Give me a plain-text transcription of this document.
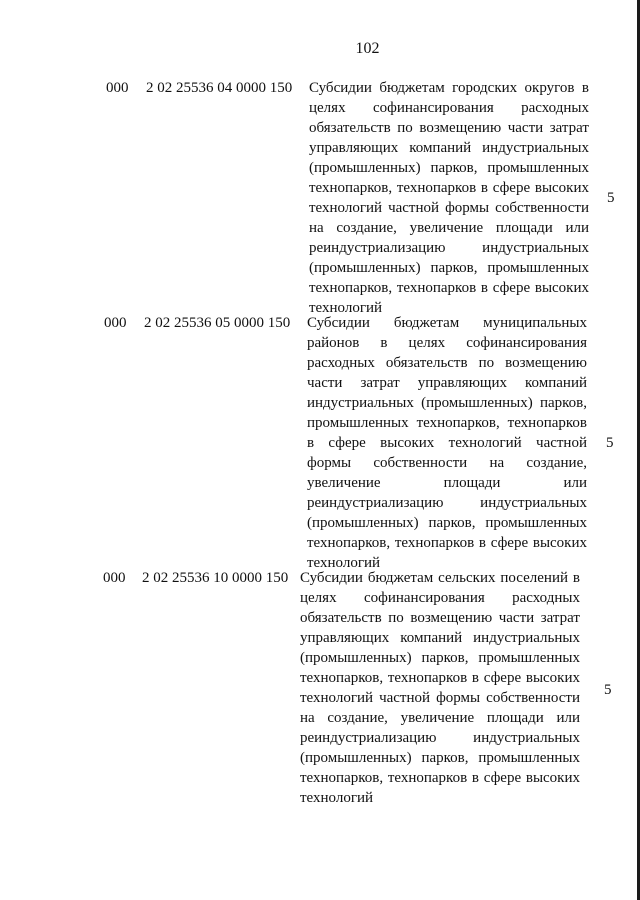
102
000 2 02 25536 04 0000 150 Субсидии бюджетам городских округов в
целях софинансирования расходных
обязательств по возмещению части затрат
управляющих компаний индустриальных
(промышленных) парков, промышленных
технопарков, технопарков в сфере высоких
технологий частной формы собственности
на создание, увеличение площади или
реиндустриализацию индустриальных
(промышленных) парков, промышленных
технопарков, технопарков в сфере высоких
технологий
5
000 2 02 25536 05 0000 150 Субсидии бюджетам муниципальных
районов в целях софинансирования
расходных обязательств по возмещению
части затрат управляющих компаний
индустриальных (промышленных) парков,
промышленных технопарков, технопарков
в сфере высоких технологий частной
формы собственности на создание,
увеличение площади или
реиндустриализацию индустриальных
(промышленных) парков, промышленных
технопарков, технопарков в сфере высоких
технологий
5
000 2 02 25536 10 0000 150 Субсидии бюджетам сельских поселений в
целях софинансирования расходных
обязательств по возмещению части затрат
управляющих компаний индустриальных
(промышленных) парков, промышленных
технопарков, технопарков в сфере высоких
технологий частной формы собственности
на создание, увеличение площади или
реиндустриализацию индустриальных
(промышленных) парков, промышленных
технопарков, технопарков в сфере высоких
технологий
5
